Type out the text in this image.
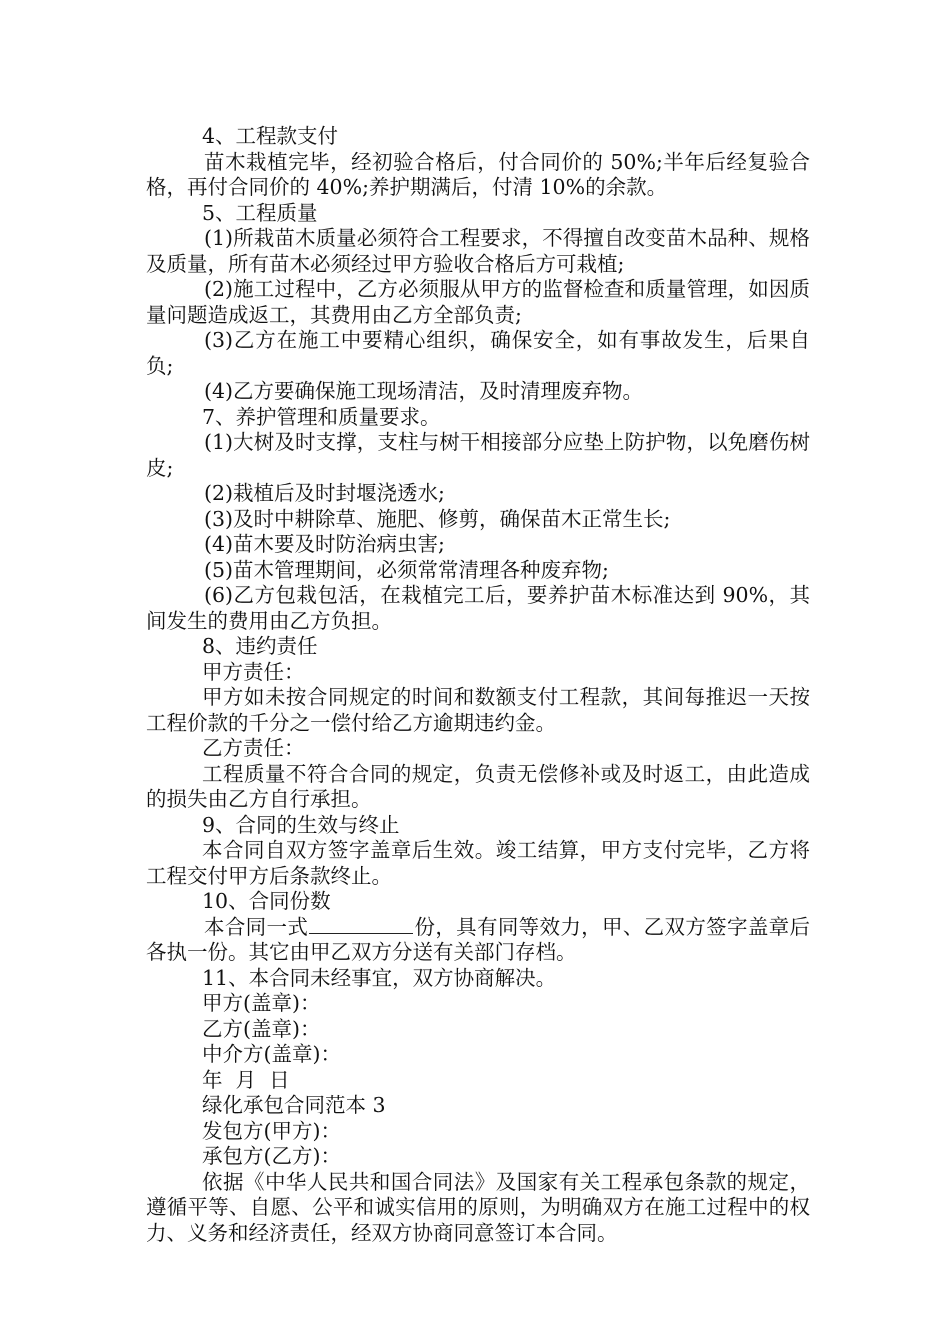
4、工程款支付

苗木栽植完毕，经初验合格后，付合同价的 50%;半年后经复验合格，再付合同价的 40%;养护期满后，付清 10%的余款。

5、工程质量

(1)所栽苗木质量必须符合工程要求，不得擅自改变苗木品种、规格及质量，所有苗木必须经过甲方验收合格后方可栽植;

(2)施工过程中，乙方必须服从甲方的监督检查和质量管理，如因质量问题造成返工，其费用由乙方全部负责;

(3)乙方在施工中要精心组织，确保安全，如有事故发生，后果自负;

(4)乙方要确保施工现场清洁，及时清理废弃物。

7、养护管理和质量要求。

(1)大树及时支撑，支柱与树干相接部分应垫上防护物，以免磨伤树皮;

(2)栽植后及时封堰浇透水;

(3)及时中耕除草、施肥、修剪，确保苗木正常生长;

(4)苗木要及时防治病虫害;

(5)苗木管理期间，必须常常清理各种废弃物;

(6)乙方包栽包活，在栽植完工后，要养护苗木标准达到 90%，其间发生的费用由乙方负担。

8、违约责任

甲方责任：

甲方如未按合同规定的时间和数额支付工程款，其间每推迟一天按工程价款的千分之一偿付给乙方逾期违约金。

乙方责任：

工程质量不符合合同的规定，负责无偿修补或及时返工，由此造成的损失由乙方自行承担。

9、合同的生效与终止

本合同自双方签字盖章后生效。竣工结算，甲方支付完毕，乙方将工程交付甲方后条款终止。

10、合同份数

本合同一式	份，具有同等效力，甲、乙双方签字盖章后各执一份。其它由甲乙双方分送有关部门存档。

11、本合同未经事宜，双方协商解决。

甲方(盖章)：

乙方(盖章)：

中介方(盖章)：

年  月  日

绿化承包合同范本 3

发包方(甲方)：

承包方(乙方)：

依据《中华人民共和国合同法》及国家有关工程承包条款的规定，遵循平等、自愿、公平和诚实信用的原则，为明确双方在施工过程中的权力、义务和经济责任，经双方协商同意签订本合同。
